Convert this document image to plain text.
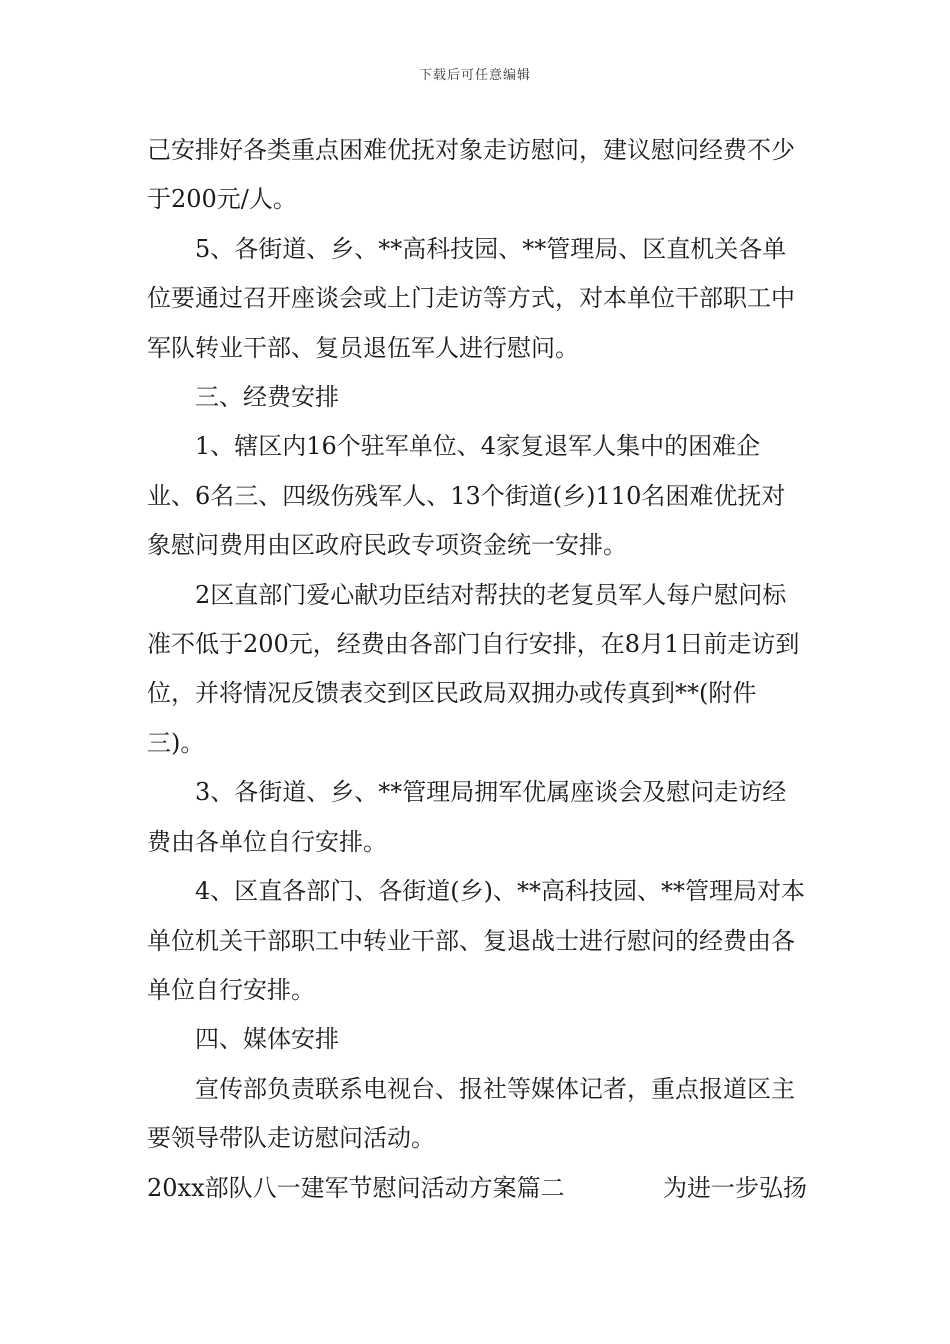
下载后可任意编辑

己安排好各类重点困难优抚对象走访慰问，建议慰问经费不少于200元/人。

5、各街道、乡、**高科技园、**管理局、区直机关各单位要通过召开座谈会或上门走访等方式，对本单位干部职工中军队转业干部、复员退伍军人进行慰问。

三、经费安排

1、辖区内16个驻军单位、4家复退军人集中的困难企业、6名三、四级伤残军人、13个街道(乡)110名困难优抚对象慰问费用由区政府民政专项资金统一安排。

2区直部门爱心献功臣结对帮扶的老复员军人每户慰问标准不低于200元，经费由各部门自行安排，在8月1日前走访到位，并将情况反馈表交到区民政局双拥办或传真到**(附件三)。

3、各街道、乡、**管理局拥军优属座谈会及慰问走访经费由各单位自行安排。

4、区直各部门、各街道(乡)、**高科技园、**管理局对本单位机关干部职工中转业干部、复退战士进行慰问的经费由各单位自行安排。

四、媒体安排

宣传部负责联系电视台、报社等媒体记者，重点报道区主要领导带队走访慰问活动。

20xx部队八一建军节慰问活动方案篇二	为进一步弘扬
